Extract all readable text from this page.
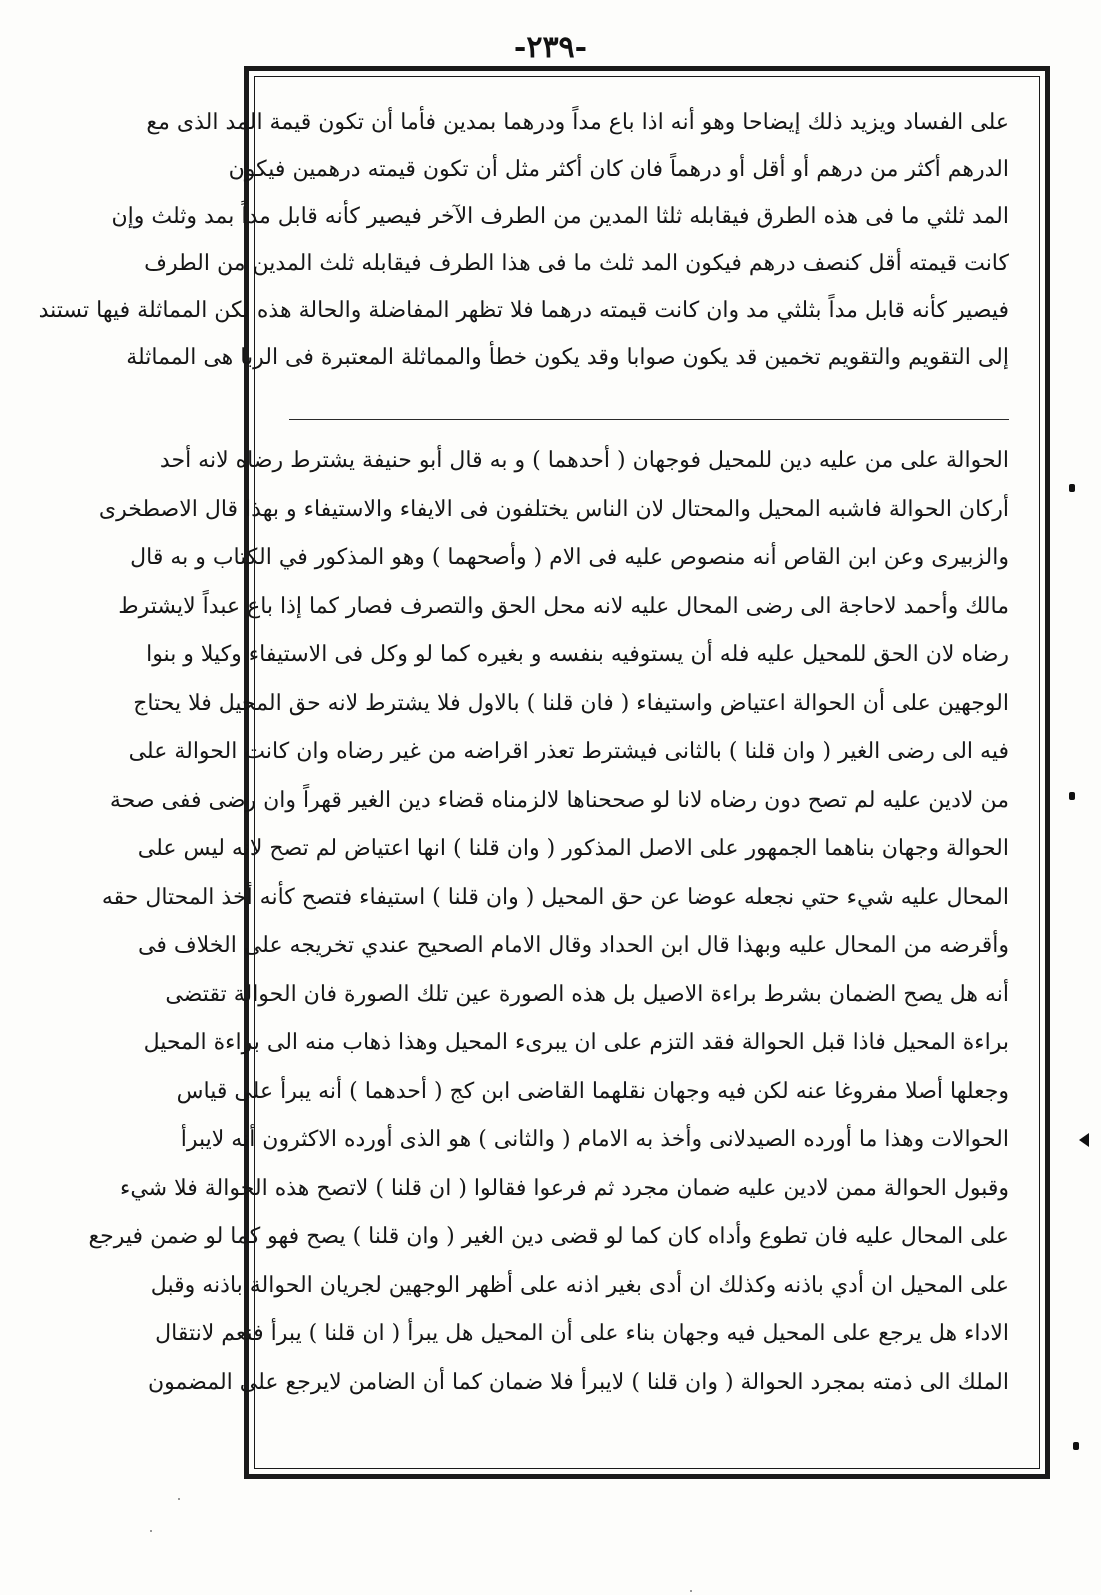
-٢٣٩-
على الفساد ويزيد ذلك إيضاحا وهو أنه اذا باع مداً ودرهما بمدين فأما أن تكون قيمة المد الذى مع
الدرهم أكثر من درهم أو أقل أو درهماً فان كان أكثر مثل أن تكون قيمته درهمين فيكون
المد ثلثي ما فى هذه الطرق فيقابله ثلثا المدين من الطرف الآخر فيصير كأنه قابل مداً بمد وثلث وإن
كانت قيمته أقل كنصف درهم فيكون المد ثلث ما فى هذا الطرف فيقابله ثلث المدين من الطرف
فيصير كأنه قابل مداً بثلثي مد وان كانت قيمته درهما فلا تظهر المفاضلة والحالة هذه لكن المماثلة فيها تستند
إلى التقويم والتقويم تخمين قد يكون صوابا وقد يكون خطأ والمماثلة المعتبرة فى الربا هى المماثلة
الحوالة على من عليه دين للمحيل فوجهان ( أحدهما ) و به قال أبو حنيفة يشترط رضاه لانه أحد
أركان الحوالة فاشبه المحيل والمحتال لان الناس يختلفون فى الايفاء والاستيفاء و بهذا قال الاصطخرى
والزبيرى وعن ابن القاص أنه منصوص عليه فى الام ( وأصحهما ) وهو المذكور في الكتاب و به قال
مالك وأحمد لاحاجة الى رضى المحال عليه لانه محل الحق والتصرف فصار كما إذا باع عبداً لايشترط
رضاه لان الحق للمحيل عليه فله أن يستوفيه بنفسه و بغيره كما لو وكل فى الاستيفاء وكيلا و بنوا
الوجهين على أن الحوالة اعتياض واستيفاء ( فان قلنا ) بالاول فلا يشترط لانه حق المحيل فلا يحتاج
فيه الى رضى الغير ( وان قلنا ) بالثانى فيشترط تعذر اقراضه من غير رضاه وان كانت الحوالة على
من لادين عليه لم تصح دون رضاه لانا لو صححناها لالزمناه قضاء دين الغير قهراً وان رضى ففى صحة
الحوالة وجهان بناهما الجمهور على الاصل المذكور ( وان قلنا ) انها اعتياض لم تصح لانه ليس على
المحال عليه شيء حتي نجعله عوضا عن حق المحيل ( وان قلنا ) استيفاء فتصح كأنه أخذ المحتال حقه
وأقرضه من المحال عليه وبهذا قال ابن الحداد وقال الامام الصحيح عندي تخريجه على الخلاف فى
أنه هل يصح الضمان بشرط براءة الاصيل بل هذه الصورة عين تلك الصورة فان الحوالة تقتضى
براءة المحيل فاذا قبل الحوالة فقد التزم على ان يبرىء المحيل وهذا ذهاب منه الى براءة المحيل
وجعلها أصلا مفروغا عنه لكن فيه وجهان نقلهما القاضى ابن كج ( أحدهما ) أنه يبرأ على قياس
الحوالات وهذا ما أورده الصيدلانى وأخذ به الامام ( والثانى ) هو الذى أورده الاكثرون أنه لايبرأ
وقبول الحوالة ممن لادين عليه ضمان مجرد ثم فرعوا فقالوا ( ان قلنا ) لاتصح هذه الحوالة فلا شيء
على المحال عليه فان تطوع وأداه كان كما لو قضى دين الغير ( وان قلنا ) يصح فهو كما لو ضمن فيرجع
على المحيل ان أدي باذنه وكذلك ان أدى بغير اذنه على أظهر الوجهين لجريان الحوالة باذنه وقبل
الاداء هل يرجع على المحيل فيه وجهان بناء على أن المحيل هل يبرأ ( ان قلنا ) يبرأ فنعم لانتقال
الملك الى ذمته بمجرد الحوالة ( وان قلنا ) لايبرأ فلا ضمان كما أن الضامن لايرجع على المضمون
